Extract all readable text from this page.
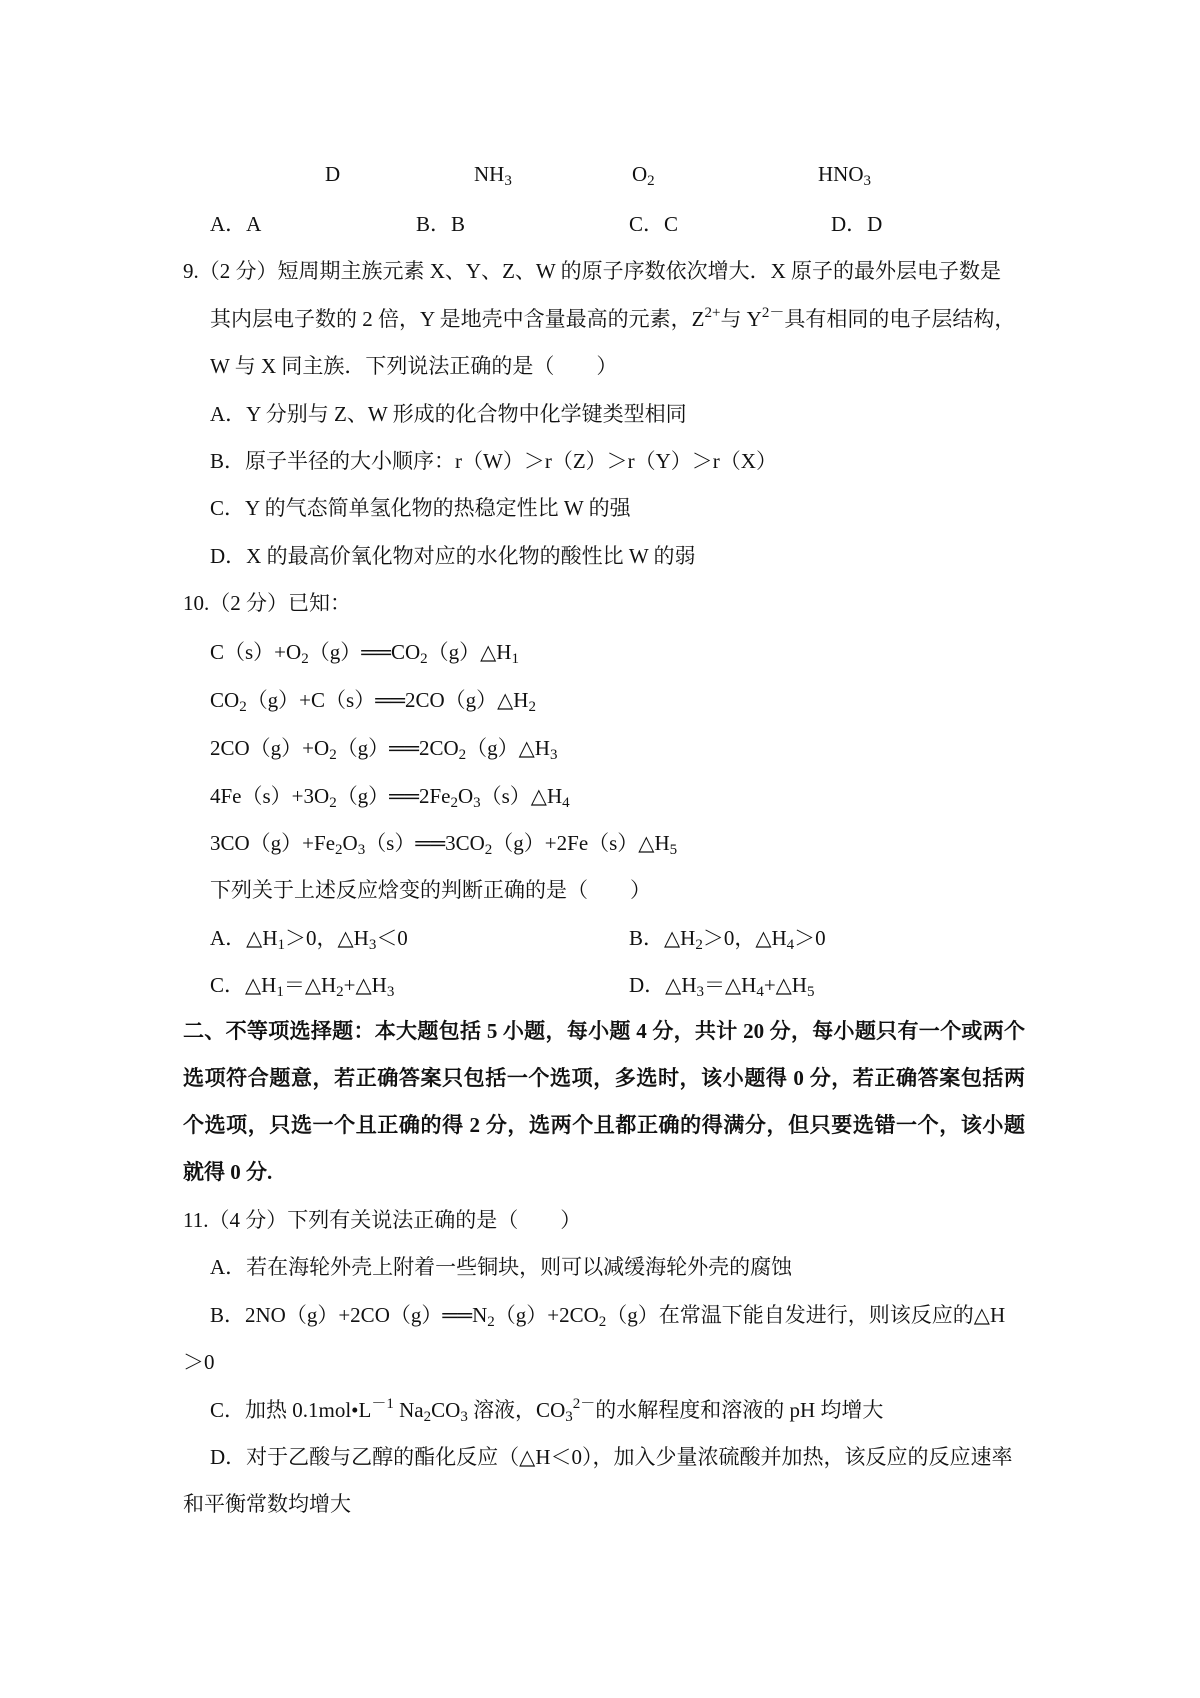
D	$NH_3$	$O_2$	$HNO_3$
A．A	B．B	C．C	D．D
9.（2 分）短周期主族元素 X、Y、Z、W 的原子序数依次增大．X 原子的最外层电子数是
其内层电子数的 2 倍，Y 是地壳中含量最高的元素，$Z^{2+}$与 $Y^{2-}$具有相同的电子层结构，
W 与 X 同主族．下列说法正确的是（　　）
A．Y 分别与 Z、W 形成的化合物中化学键类型相同
B．原子半径的大小顺序：r（W）＞r（Z）＞r（Y）＞r（X）
C．Y 的气态简单氢化物的热稳定性比 W 的强
D．X 的最高价氧化物对应的水化物的酸性比 W 的弱
10.（2 分）已知：
$C(s)+O_2(g)══CO_2(g)\triangle H_1$
$CO_2(g)+C(s)══2CO(g)\triangle H_2$
$2CO(g)+O_2(g)══2CO_2(g)\triangle H_3$
$4Fe(s)+3O_2(g)══2Fe_2O_3(s)\triangle H_4$
$3CO(g)+Fe_2O_3(s)══3CO_2(g)+2Fe(s)\triangle H_5$
下列关于上述反应焓变的判断正确的是（　　）
A．$\triangle H_1>0$，$\triangle H_3<0$	B．$\triangle H_2>0$，$\triangle H_4>0$
C．$\triangle H_1=\triangle H_2+\triangle H_3$	D．$\triangle H_3=\triangle H_4+\triangle H_5$
二、不等项选择题：本大题包括 5 小题，每小题 4 分，共计 20 分，每小题只有一个或两个
选项符合题意，若正确答案只包括一个选项，多选时，该小题得 0 分，若正确答案包括两
个选项，只选一个且正确的得 2 分，选两个且都正确的得满分，但只要选错一个，该小题
就得 0 分.
11.（4 分）下列有关说法正确的是（　　）
A．若在海轮外壳上附着一些铜块，则可以减缓海轮外壳的腐蚀
B．$2NO(g)+2CO(g)══N_2(g)+2CO_2(g)$在常温下能自发进行，则该反应的△H
＞0
C．加热 $0.1mol•L^{-1}$ $Na_2CO_3$ 溶液，$CO_3^{2-}$的水解程度和溶液的 pH 均增大
D．对于乙酸与乙醇的酯化反应（△H＜0），加入少量浓硫酸并加热，该反应的反应速率
和平衡常数均增大
